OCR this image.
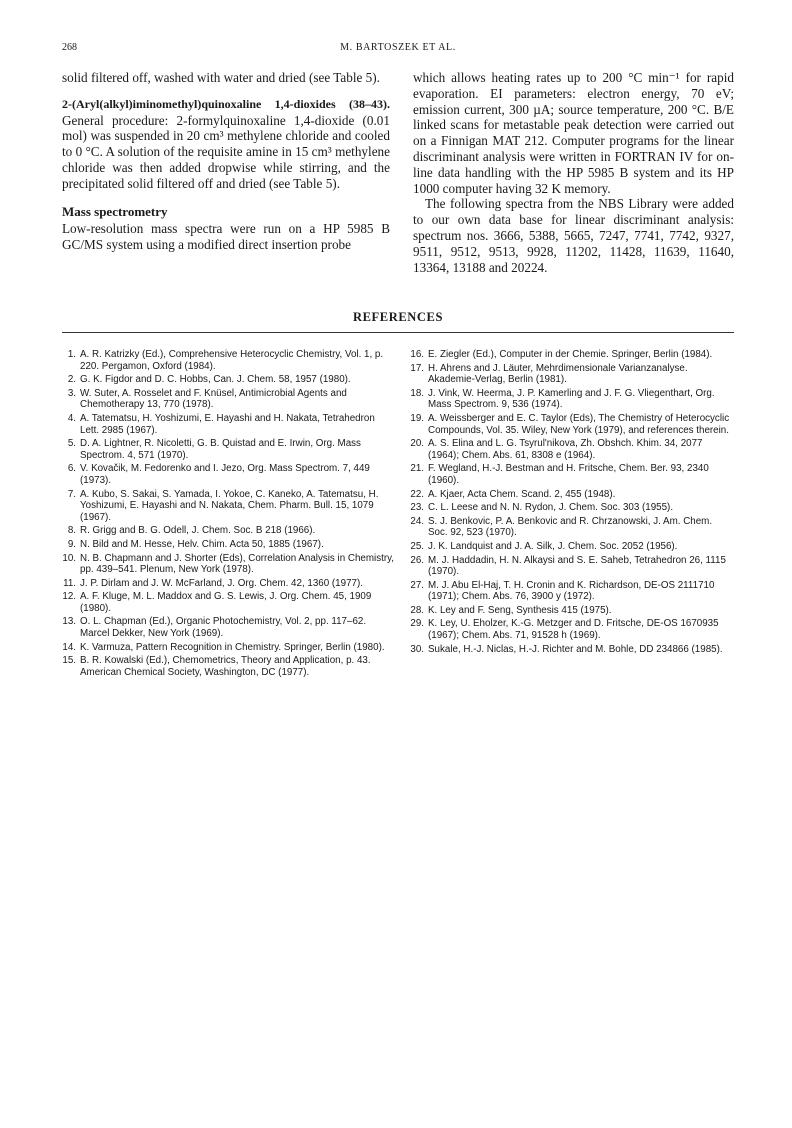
268	M. BARTOSZEK ET AL.

solid filtered off, washed with water and dried (see Table 5).

2-(Aryl(alkyl)iminomethyl)quinoxaline 1,4-dioxides (38–43). General procedure: 2-formylquinoxaline 1,4-dioxide (0.01 mol) was suspended in 20 cm³ methylene chloride and cooled to 0 °C. A solution of the requisite amine in 15 cm³ methylene chloride was then added dropwise while stirring, and the precipitated solid filtered off and dried (see Table 5).

Mass spectrometry

Low-resolution mass spectra were run on a HP 5985 B GC/MS system using a modified direct insertion probe

which allows heating rates up to 200 °C min⁻¹ for rapid evaporation. EI parameters: electron energy, 70 eV; emission current, 300 µA; source temperature, 200 °C. B/E linked scans for metastable peak detection were carried out on a Finnigan MAT 212. Computer programs for the linear discriminant analysis were written in FORTRAN IV for on-line data handling with the HP 5985 B system and its HP 1000 computer having 32 K memory.

The following spectra from the NBS Library were added to our own data base for linear discriminant analysis: spectrum nos. 3666, 5388, 5665, 7247, 7741, 7742, 9327, 9511, 9512, 9513, 9928, 11202, 11428, 11639, 11640, 13364, 13188 and 20224.

REFERENCES
1. A. R. Katrizky (Ed.), Comprehensive Heterocyclic Chemistry, Vol. 1, p. 220. Pergamon, Oxford (1984).
2. G. K. Figdor and D. C. Hobbs, Can. J. Chem. 58, 1957 (1980).
3. W. Suter, A. Rosselet and F. Knüsel, Antimicrobial Agents and Chemotherapy 13, 770 (1978).
4. A. Tatematsu, H. Yoshizumi, E. Hayashi and H. Nakata, Tetrahedron Lett. 2985 (1967).
5. D. A. Lightner, R. Nicoletti, G. B. Quistad and E. Irwin, Org. Mass Spectrom. 4, 571 (1970).
6. V. Kovačik, M. Fedorenko and I. Jezo, Org. Mass Spectrom. 7, 449 (1973).
7. A. Kubo, S. Sakai, S. Yamada, I. Yokoe, C. Kaneko, A. Tatematsu, H. Yoshizumi, E. Hayashi and N. Nakata, Chem. Pharm. Bull. 15, 1079 (1967).
8. R. Grigg and B. G. Odell, J. Chem. Soc. B 218 (1966).
9. N. Bild and M. Hesse, Helv. Chim. Acta 50, 1885 (1967).
10. N. B. Chapmann and J. Shorter (Eds), Correlation Analysis in Chemistry, pp. 439–541. Plenum, New York (1978).
11. J. P. Dirlam and J. W. McFarland, J. Org. Chem. 42, 1360 (1977).
12. A. F. Kluge, M. L. Maddox and G. S. Lewis, J. Org. Chem. 45, 1909 (1980).
13. O. L. Chapman (Ed.), Organic Photochemistry, Vol. 2, pp. 117–62. Marcel Dekker, New York (1969).
14. K. Varmuza, Pattern Recognition in Chemistry. Springer, Berlin (1980).
15. B. R. Kowalski (Ed.), Chemometrics, Theory and Application, p. 43. American Chemical Society, Washington, DC (1977).
16. E. Ziegler (Ed.), Computer in der Chemie. Springer, Berlin (1984).
17. H. Ahrens and J. Läuter, Mehrdimensionale Varianzanalyse. Akademie-Verlag, Berlin (1981).
18. J. Vink, W. Heerma, J. P. Kamerling and J. F. G. Vliegenthart, Org. Mass Spectrom. 9, 536 (1974).
19. A. Weissberger and E. C. Taylor (Eds), The Chemistry of Heterocyclic Compounds, Vol. 35. Wiley, New York (1979), and references therein.
20. A. S. Elina and L. G. Tsyrul'nikova, Zh. Obshch. Khim. 34, 2077 (1964); Chem. Abs. 61, 8308 e (1964).
21. F. Wegland, H.-J. Bestman and H. Fritsche, Chem. Ber. 93, 2340 (1960).
22. A. Kjaer, Acta Chem. Scand. 2, 455 (1948).
23. C. L. Leese and N. N. Rydon, J. Chem. Soc. 303 (1955).
24. S. J. Benkovic, P. A. Benkovic and R. Chrzanowski, J. Am. Chem. Soc. 92, 523 (1970).
25. J. K. Landquist and J. A. Silk, J. Chem. Soc. 2052 (1956).
26. M. J. Haddadin, H. N. Alkaysi and S. E. Saheb, Tetrahedron 26, 1115 (1970).
27. M. J. Abu El-Haj, T. H. Cronin and K. Richardson, DE-OS 2111710 (1971); Chem. Abs. 76, 3900 y (1972).
28. K. Ley and F. Seng, Synthesis 415 (1975).
29. K. Ley, U. Eholzer, K.-G. Metzger and D. Fritsche, DE-OS 1670935 (1967); Chem. Abs. 71, 91528 h (1969).
30. Sukale, H.-J. Niclas, H.-J. Richter and M. Bohle, DD 234866 (1985).
